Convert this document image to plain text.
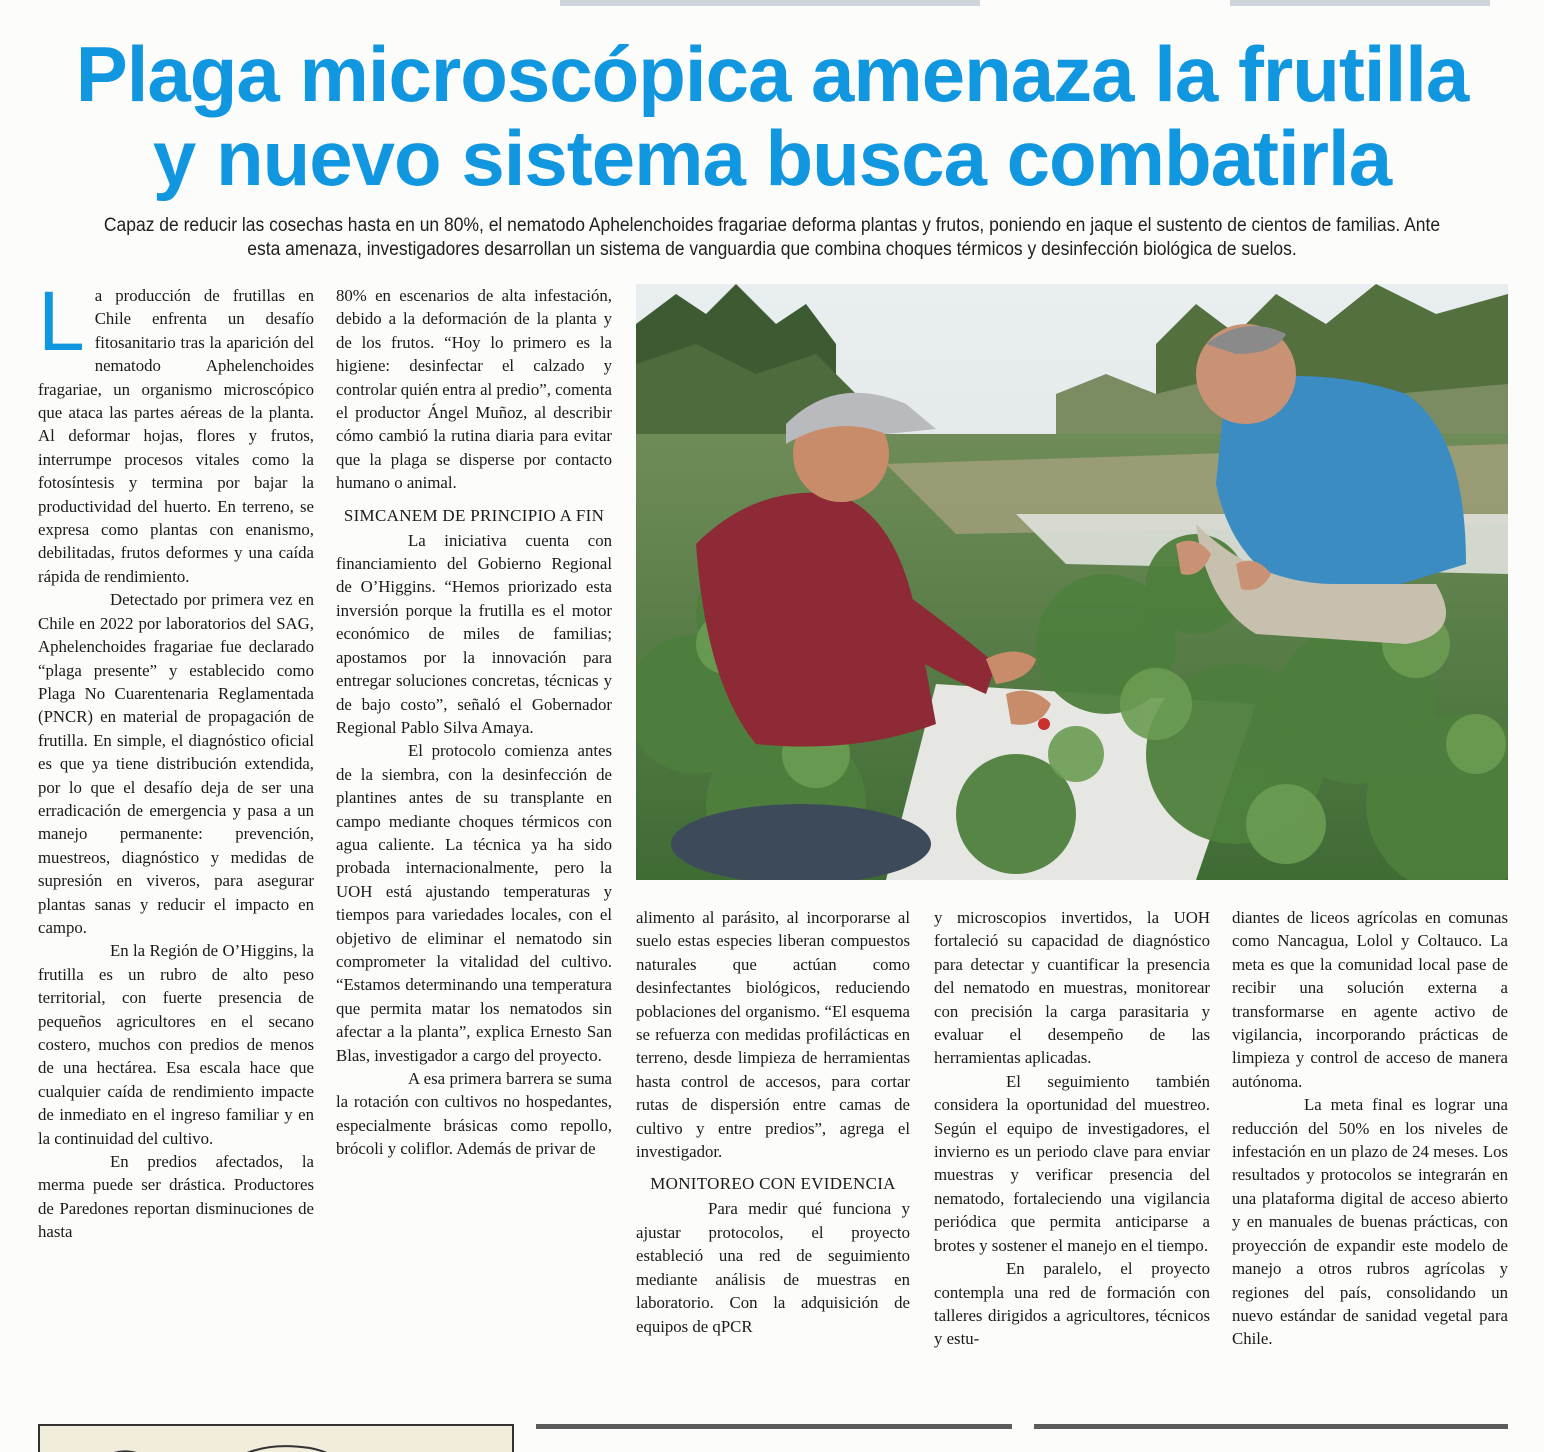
Plaga microscópica amenaza la frutilla
y nuevo sistema busca combatirla

Capaz de reducir las cosechas hasta en un 80%, el nematodo Aphelenchoides fragariae deforma plantas y frutos, poniendo en jaque el sustento de cientos de familias. Ante esta amenaza, investigadores desarrollan un sistema de vanguardia que combina choques térmicos y desinfección biológica de suelos.

La producción de frutillas en Chile enfrenta un desafío fitosanitario tras la aparición del nematodo Aphelenchoides fragariae, un organismo microscópico que ataca las partes aéreas de la planta. Al deformar hojas, flores y frutos, interrumpe procesos vitales como la fotosíntesis y termina por bajar la productividad del huerto. En terreno, se expresa como plantas con enanismo, debilitadas, frutos deformes y una caída rápida de rendimiento.

Detectado por primera vez en Chile en 2022 por laboratorios del SAG, Aphelenchoides fragariae fue declarado “plaga presente” y establecido como Plaga No Cuarentenaria Reglamentada (PNCR) en material de propagación de frutilla. En simple, el diagnóstico oficial es que ya tiene distribución extendida, por lo que el desafío deja de ser una erradicación de emergencia y pasa a un manejo permanente: prevención, muestreos, diagnóstico y medidas de supresión en viveros, para asegurar plantas sanas y reducir el impacto en campo.

En la Región de O’Higgins, la frutilla es un rubro de alto peso territorial, con fuerte presencia de pequeños agricultores en el secano costero, muchos con predios de menos de una hectárea. Esa escala hace que cualquier caída de rendimiento impacte de inmediato en el ingreso familiar y en la continuidad del cultivo.

En predios afectados, la merma puede ser drástica. Productores de Paredones reportan disminuciones de hasta

80% en escenarios de alta infestación, debido a la deformación de la planta y de los frutos. “Hoy lo primero es la higiene: desinfectar el calzado y controlar quién entra al predio”, comenta el productor Ángel Muñoz, al describir cómo cambió la rutina diaria para evitar que la plaga se disperse por contacto humano o animal.

SIMCANEM DE PRINCIPIO A FIN

La iniciativa cuenta con financiamiento del Gobierno Regional de O’Higgins. “Hemos priorizado esta inversión porque la frutilla es el motor económico de miles de familias; apostamos por la innovación para entregar soluciones concretas, técnicas y de bajo costo”, señaló el Gobernador Regional Pablo Silva Amaya.

El protocolo comienza antes de la siembra, con la desinfección de plantines antes de su transplante en campo mediante choques térmicos con agua caliente. La técnica ya ha sido probada internacionalmente, pero la UOH está ajustando temperaturas y tiempos para variedades locales, con el objetivo de eliminar el nematodo sin comprometer la vitalidad del cultivo. “Estamos determinando una temperatura que permita matar los nematodos sin afectar a la planta”, explica Ernesto San Blas, investigador a cargo del proyecto.

A esa primera barrera se suma la rotación con cultivos no hospedantes, especialmente brásicas como repollo, brócoli y coliflor. Además de privar de

alimento al parásito, al incorporarse al suelo estas especies liberan compuestos naturales que actúan como desinfectantes biológicos, reduciendo poblaciones del organismo. “El esquema se refuerza con medidas profilácticas en terreno, desde limpieza de herramientas hasta control de accesos, para cortar rutas de dispersión entre camas de cultivo y entre predios”, agrega el investigador.

MONITOREO CON EVIDENCIA

Para medir qué funciona y ajustar protocolos, el proyecto estableció una red de seguimiento mediante análisis de muestras en laboratorio. Con la adquisición de equipos de qPCR

y microscopios invertidos, la UOH fortaleció su capacidad de diagnóstico para detectar y cuantificar la presencia del nematodo en muestras, monitorear con precisión la carga parasitaria y evaluar el desempeño de las herramientas aplicadas.

El seguimiento también considera la oportunidad del muestreo. Según el equipo de investigadores, el invierno es un periodo clave para enviar muestras y verificar presencia del nematodo, fortaleciendo una vigilancia periódica que permita anticiparse a brotes y sostener el manejo en el tiempo.

En paralelo, el proyecto contempla una red de formación con talleres dirigidos a agricultores, técnicos y estu-

diantes de liceos agrícolas en comunas como Nancagua, Lolol y Coltauco. La meta es que la comunidad local pase de recibir una solución externa a transformarse en agente activo de vigilancia, incorporando prácticas de limpieza y control de acceso de manera autónoma.

La meta final es lograr una reducción del 50% en los niveles de infestación en un plazo de 24 meses. Los resultados y protocolos se integrarán en una plataforma digital de acceso abierto y en manuales de buenas prácticas, con proyección de expandir este modelo de manejo a otros rubros agrícolas y regiones del país, consolidando un nuevo estándar de sanidad vegetal para Chile.
